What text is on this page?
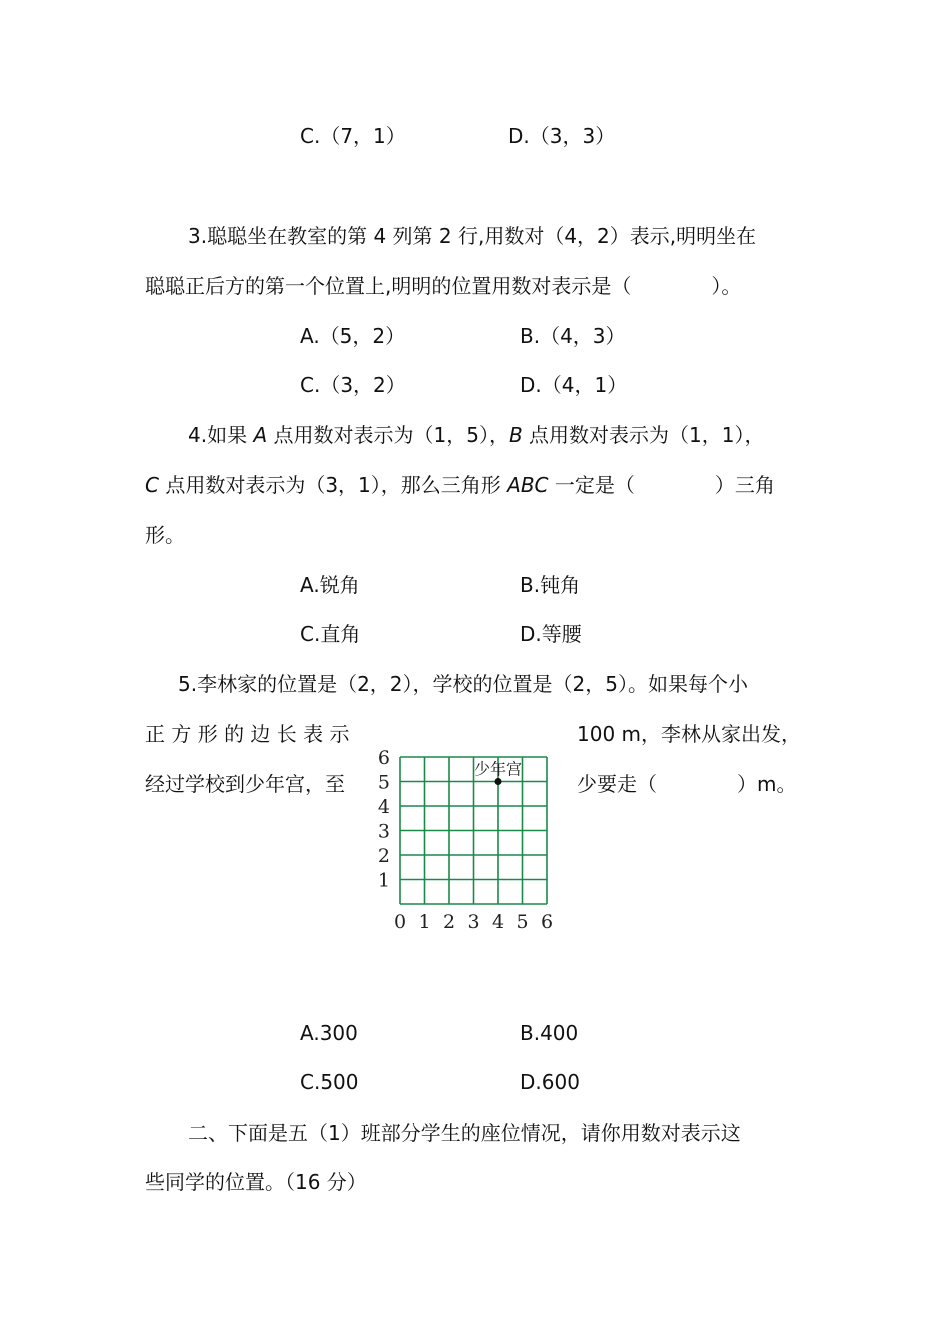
C.（7，1）	D.（3，3）
3.聪聪坐在教室的第 4 列第 2 行,用数对（4，2）表示,明明坐在
聪聪正后方的第一个位置上,明明的位置用数对表示是（　　　　）。
A.（5，2）	B.（4，3）
C.（3，2）	D.（4，1）
4.如果 A 点用数对表示为（1，5），B 点用数对表示为（1，1），
C 点用数对表示为（3，1），那么三角形 ABC 一定是（　　　　）三角
形。
A.锐角	B.钝角
C.直角	D.等腰
5.李林家的位置是（2，2），学校的位置是（2，5）。如果每个小
正 方 形 的 边 长 表 示	100 m，李林从家出发，
经过学校到少年宫，至	少要走（　　　　）m。
6
5
4
3
2
1
0 1 2 3 4 5 6
少年宫
A.300	B.400
C.500	D.600
二、下面是五（1）班部分学生的座位情况，请你用数对表示这
些同学的位置。（16 分）
